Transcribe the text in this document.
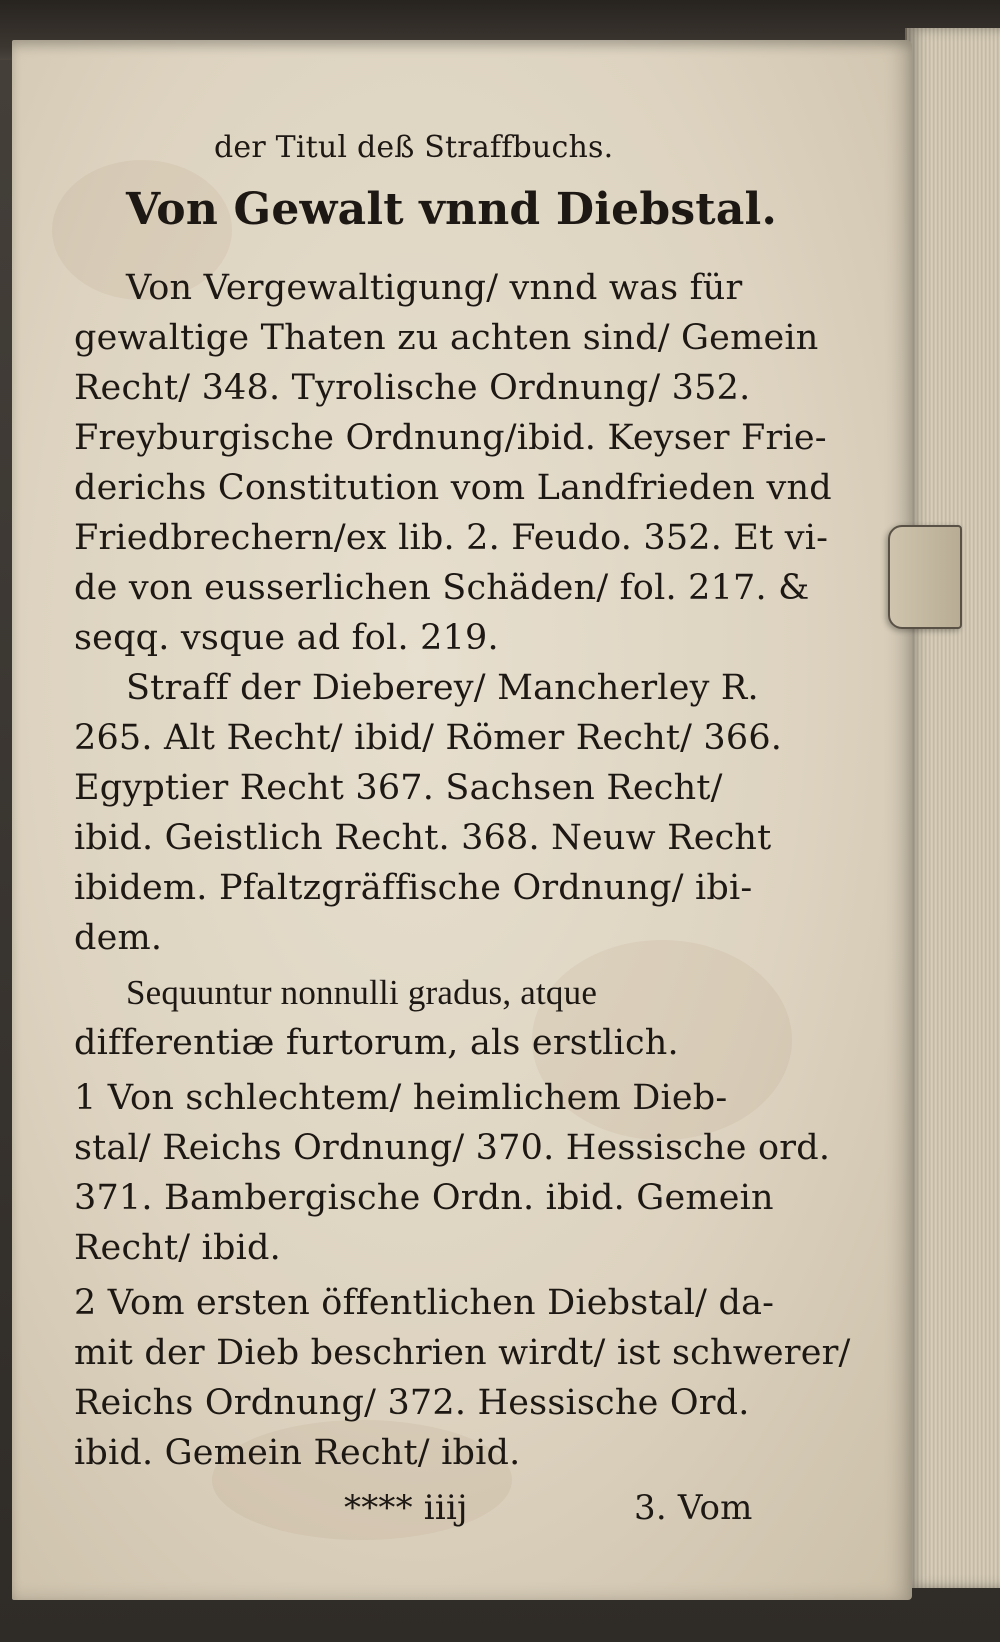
der Titul deß Straffbuchs.
Von Gewalt vnnd Diebstal.
Von Vergewaltigung/ vnnd was für
gewaltige Thaten zu achten sind/ Gemein
Recht/ 348. Tyrolische Ordnung/ 352.
Freyburgische Ordnung/ibid. Keyser Frie-
derichs Constitution vom Landfrieden vnd
Friedbrechern/ex lib. 2. Feudo. 352. Et vi-
de von eusserlichen Schäden/ fol. 217. &
seqq. vsque ad fol. 219.
Straff der Dieberey/ Mancherley R.
265. Alt Recht/ ibid/ Römer Recht/ 366.
Egyptier Recht 367. Sachsen Recht/
ibid. Geistlich Recht. 368. Neuw Recht
ibidem. Pfaltzgräffische Ordnung/ ibi-
dem.
Sequuntur nonnulli gradus, atque
differentiæ furtorum, als erstlich.
1 Von schlechtem/ heimlichem Dieb-
stal/ Reichs Ordnung/ 370. Hessische ord.
371. Bambergische Ordn. ibid. Gemein
Recht/ ibid.
2 Vom ersten öffentlichen Diebstal/ da-
mit der Dieb beschrien wirdt/ ist schwerer/
Reichs Ordnung/ 372. Hessische Ord.
ibid. Gemein Recht/ ibid.
**** iiij	3. Vom
